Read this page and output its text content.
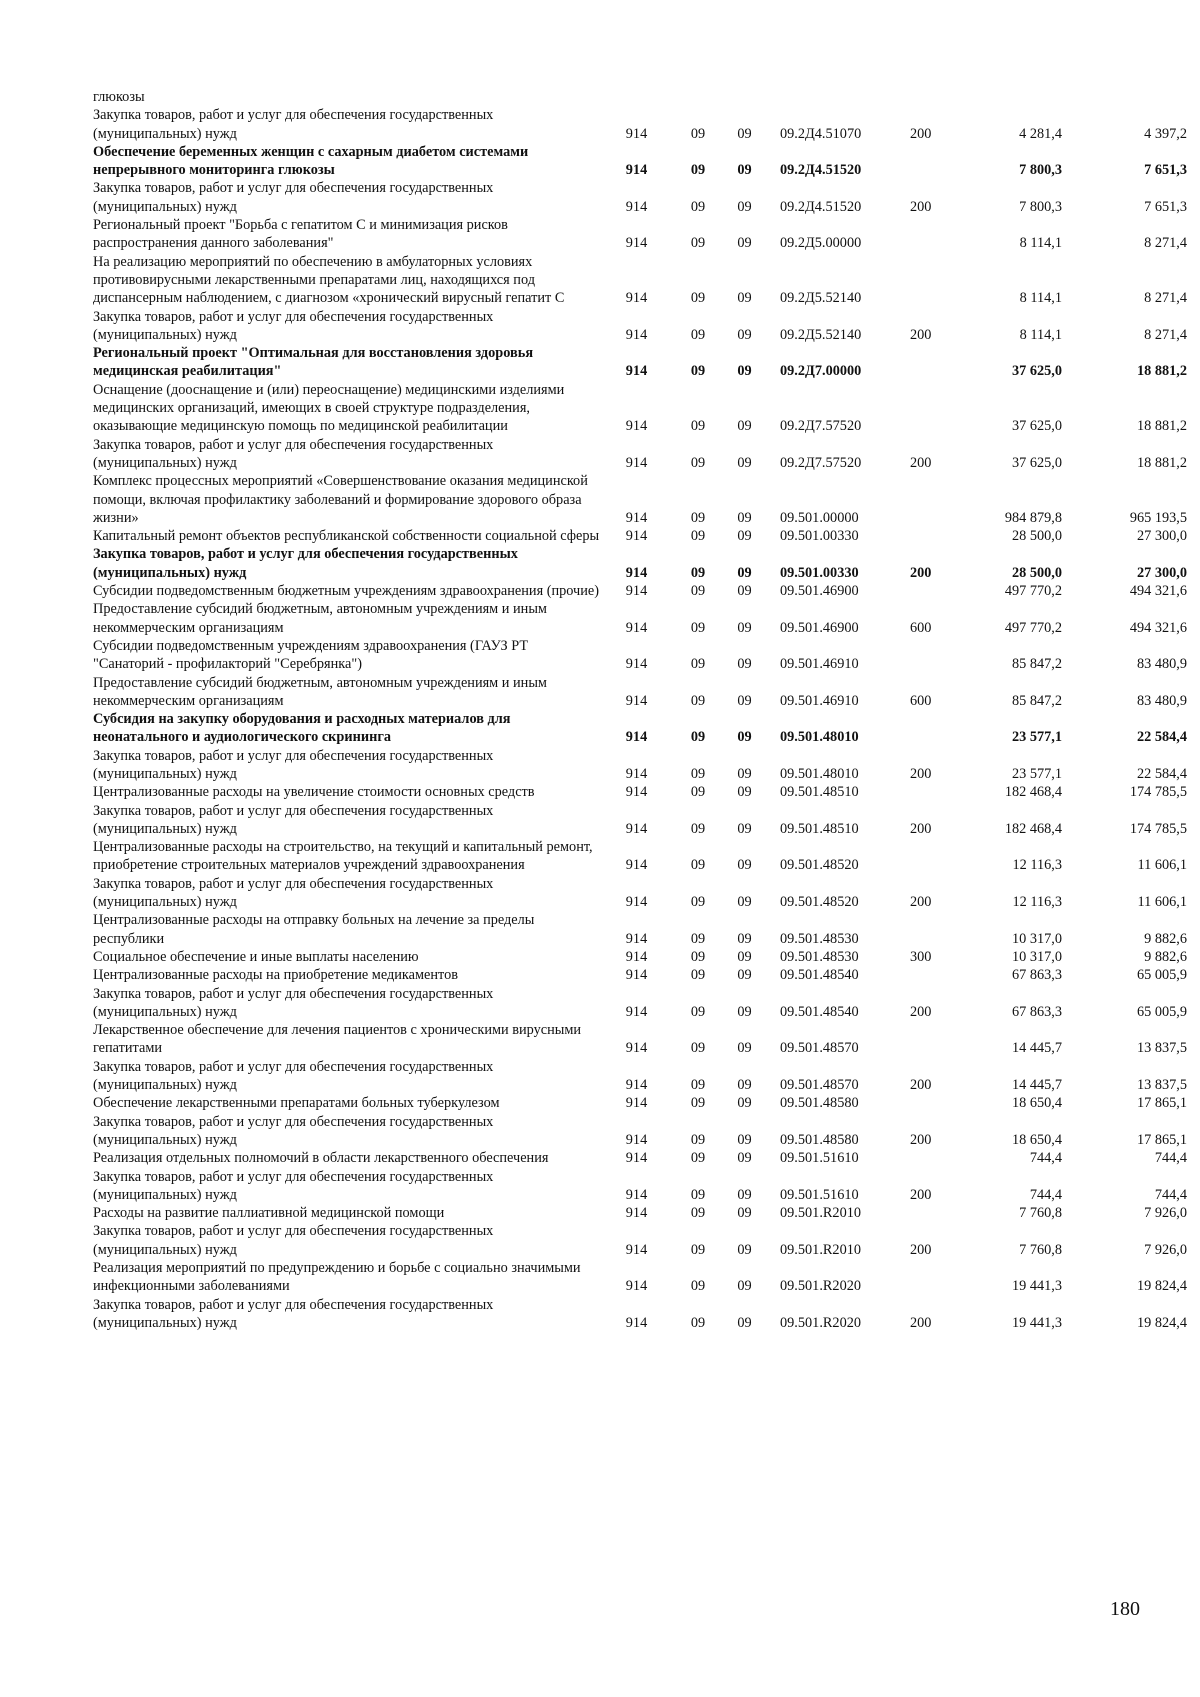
глюкозы							
Закупка товаров, работ и услуг для обеспечения государственных (муниципальных) нужд	914	09	09	09.2Д4.51070	200	4 281,4	4 397,2
Обеспечение беременных женщин с сахарным диабетом системами непрерывного мониторинга глюкозы	914	09	09	09.2Д4.51520		7 800,3	7 651,3
Закупка товаров, работ и услуг для обеспечения государственных (муниципальных) нужд	914	09	09	09.2Д4.51520	200	7 800,3	7 651,3
Региональный проект "Борьба с гепатитом С и минимизация рисков распространения данного заболевания"	914	09	09	09.2Д5.00000		8 114,1	8 271,4
На реализацию мероприятий по обеспечению в амбулаторных условиях противовирусными лекарственными препаратами лиц, находящихся под диспансерным наблюдением, с диагнозом «хронический вирусный гепатит С	914	09	09	09.2Д5.52140		8 114,1	8 271,4
Закупка товаров, работ и услуг для обеспечения государственных (муниципальных) нужд	914	09	09	09.2Д5.52140	200	8 114,1	8 271,4
Региональный проект "Оптимальная для восстановления здоровья медицинская реабилитация"	914	09	09	09.2Д7.00000		37 625,0	18 881,2
Оснащение (дооснащение и (или) переоснащение) медицинскими изделиями медицинских организаций, имеющих в своей структуре подразделения, оказывающие медицинскую помощь по медицинской реабилитации	914	09	09	09.2Д7.57520		37 625,0	18 881,2
Закупка товаров, работ и услуг для обеспечения государственных (муниципальных) нужд	914	09	09	09.2Д7.57520	200	37 625,0	18 881,2
Комплекс процессных мероприятий «Совершенствование оказания медицинской помощи, включая профилактику заболеваний и формирование здорового образа жизни»	914	09	09	09.501.00000		984 879,8	965 193,5
Капитальный ремонт объектов республиканской собственности социальной сферы	914	09	09	09.501.00330		28 500,0	27 300,0
Закупка товаров, работ и услуг для обеспечения государственных (муниципальных) нужд	914	09	09	09.501.00330	200	28 500,0	27 300,0
Субсидии подведомственным бюджетным учреждениям здравоохранения (прочие)	914	09	09	09.501.46900		497 770,2	494 321,6
Предоставление субсидий бюджетным, автономным учреждениям и иным некоммерческим организациям	914	09	09	09.501.46900	600	497 770,2	494 321,6
Субсидии подведомственным учреждениям здравоохранения (ГАУЗ РТ "Санаторий - профилакторий "Серебрянка")	914	09	09	09.501.46910		85 847,2	83 480,9
Предоставление субсидий бюджетным, автономным учреждениям и иным некоммерческим организациям	914	09	09	09.501.46910	600	85 847,2	83 480,9
Субсидия на закупку оборудования и расходных материалов для неонатального и аудиологического скрининга	914	09	09	09.501.48010		23 577,1	22 584,4
Закупка товаров, работ и услуг для обеспечения государственных (муниципальных) нужд	914	09	09	09.501.48010	200	23 577,1	22 584,4
Централизованные расходы на увеличение стоимости основных средств	914	09	09	09.501.48510		182 468,4	174 785,5
Закупка товаров, работ и услуг для обеспечения государственных (муниципальных) нужд	914	09	09	09.501.48510	200	182 468,4	174 785,5
Централизованные расходы на строительство, на текущий и капитальный ремонт, приобретение строительных материалов учреждений здравоохранения	914	09	09	09.501.48520		12 116,3	11 606,1
Закупка товаров, работ и услуг для обеспечения государственных (муниципальных) нужд	914	09	09	09.501.48520	200	12 116,3	11 606,1
Централизованные расходы на отправку больных на лечение за пределы республики	914	09	09	09.501.48530		10 317,0	9 882,6
Социальное обеспечение и иные выплаты населению	914	09	09	09.501.48530	300	10 317,0	9 882,6
Централизованные расходы на приобретение медикаментов	914	09	09	09.501.48540		67 863,3	65 005,9
Закупка товаров, работ и услуг для обеспечения государственных (муниципальных) нужд	914	09	09	09.501.48540	200	67 863,3	65 005,9
Лекарственное обеспечение для лечения пациентов с хроническими вирусными гепатитами	914	09	09	09.501.48570		14 445,7	13 837,5
Закупка товаров, работ и услуг для обеспечения государственных (муниципальных) нужд	914	09	09	09.501.48570	200	14 445,7	13 837,5
Обеспечение лекарственными препаратами больных туберкулезом	914	09	09	09.501.48580		18 650,4	17 865,1
Закупка товаров, работ и услуг для обеспечения государственных (муниципальных) нужд	914	09	09	09.501.48580	200	18 650,4	17 865,1
Реализация отдельных полномочий в области лекарственного обеспечения	914	09	09	09.501.51610		744,4	744,4
Закупка товаров, работ и услуг для обеспечения государственных (муниципальных) нужд	914	09	09	09.501.51610	200	744,4	744,4
Расходы на развитие паллиативной медицинской помощи	914	09	09	09.501.R2010		7 760,8	7 926,0
Закупка товаров, работ и услуг для обеспечения государственных (муниципальных) нужд	914	09	09	09.501.R2010	200	7 760,8	7 926,0
Реализация мероприятий по предупреждению и борьбе с социально значимыми инфекционными заболеваниями	914	09	09	09.501.R2020		19 441,3	19 824,4
Закупка товаров, работ и услуг для обеспечения государственных (муниципальных) нужд	914	09	09	09.501.R2020	200	19 441,3	19 824,4
180
